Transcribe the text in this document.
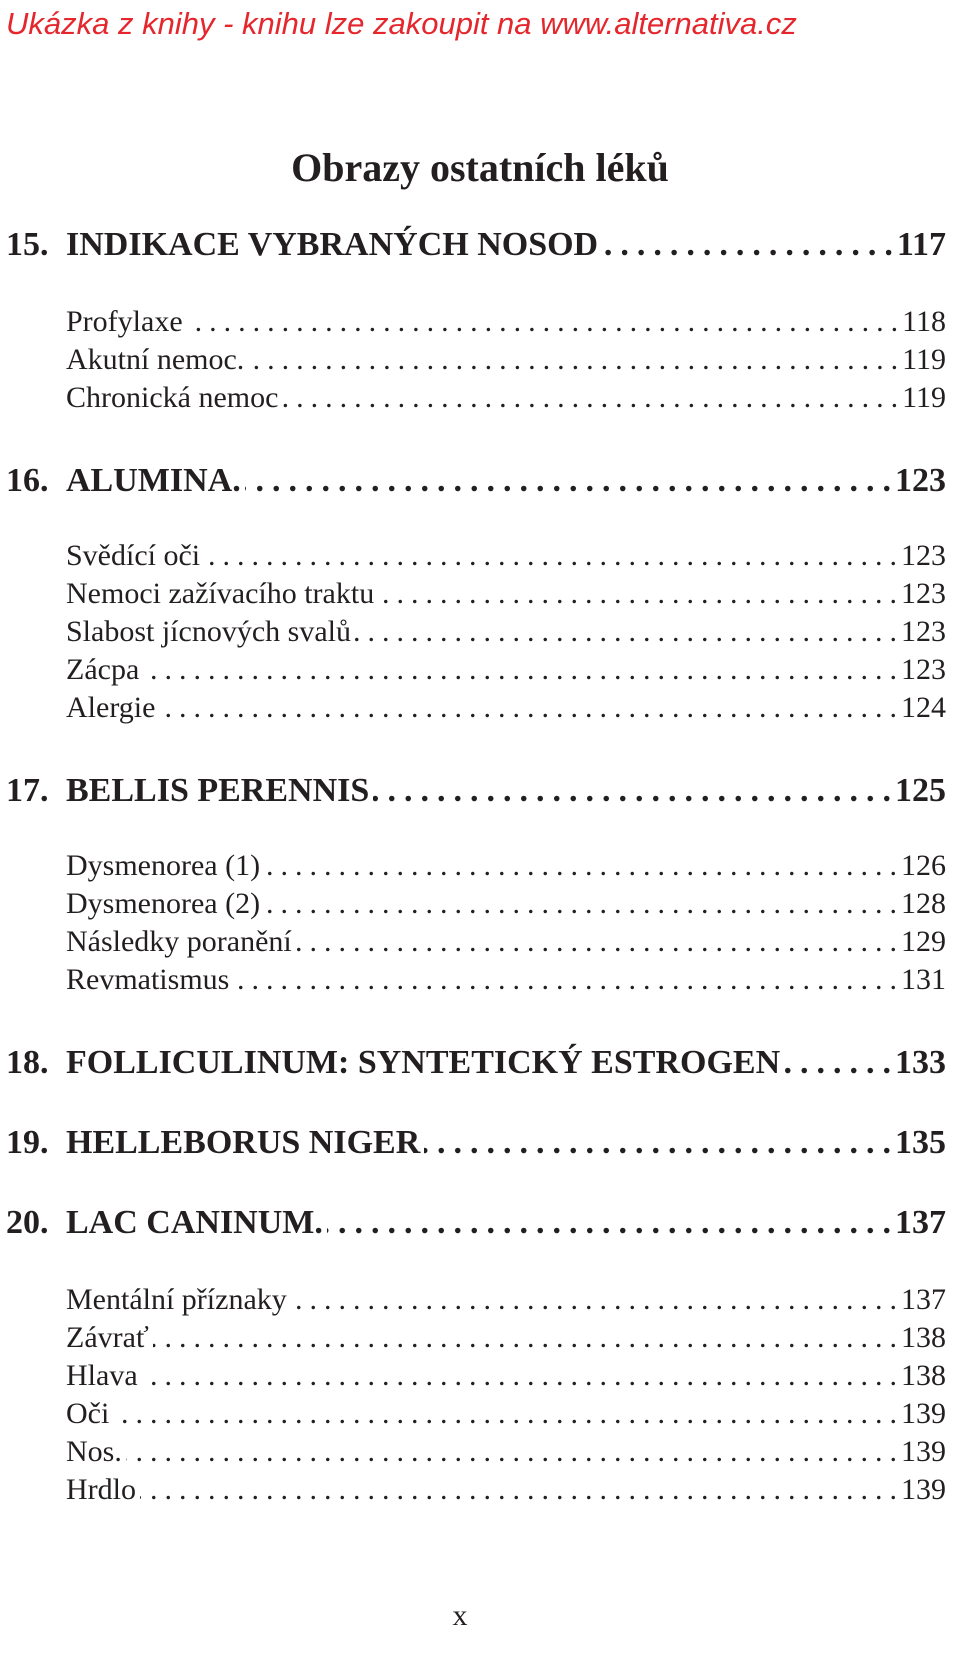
Ukázka z knihy - knihu lze zakoupit na www.alternativa.cz
Obrazy ostatních léků
15. INDIKACE VYBRANÝCH NOSOD . . .	117
Profylaxe . . .	118
Akutní nemoc. . . .	119
Chronická nemoc . . .	119
16. ALUMINA. . . .	123
Svědící oči . . .	123
Nemoci zažívacího traktu . . .	123
Slabost jícnových svalů . . .	123
Zácpa . . .	123
Alergie . . .	124
17. BELLIS PERENNIS . . .	125
Dysmenorea (1) . . .	126
Dysmenorea (2) . . .	128
Následky poranění . . .	129
Revmatismus . . .	131
18. FOLLICULINUM: SYNTETICKÝ ESTROGEN . . .	133
19. HELLEBORUS NIGER . . .	135
20. LAC CANINUM. . . .	137
Mentální příznaky . . .	137
Závrať . . .	138
Hlava . . .	138
Oči . . .	139
Nos. . . .	139
Hrdlo . . .	139
x
